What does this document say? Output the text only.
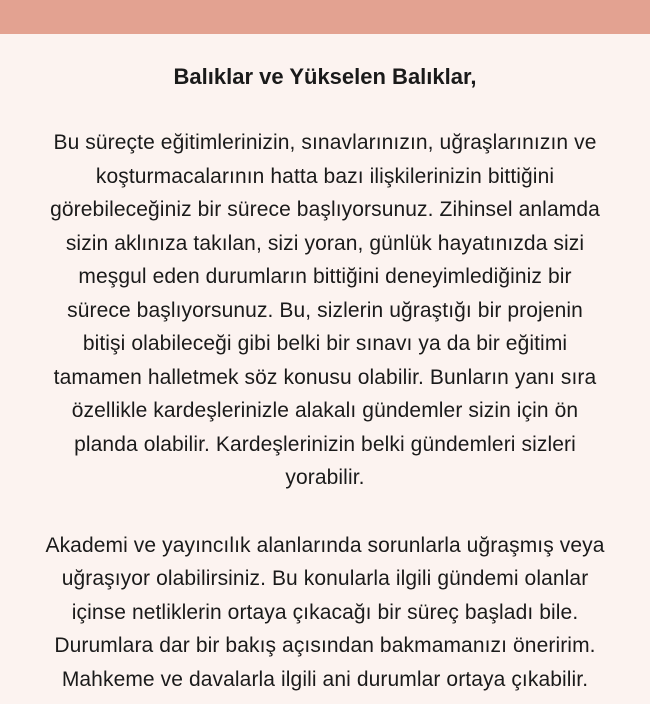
Balıklar ve Yükselen Balıklar,

Bu süreçte eğitimlerinizin, sınavlarınızın, uğraşlarınızın ve
koşturmacalarının hatta bazı ilişkilerinizin bittiğini
görebileceğiniz bir sürece başlıyorsunuz. Zihinsel anlamda
sizin aklınıza takılan, sizi yoran, günlük hayatınızda sizi
meşgul eden durumların bittiğini deneyimlediğiniz bir
sürece başlıyorsunuz. Bu, sizlerin uğraştığı bir projenin
bitişi olabileceği gibi belki bir sınavı ya da bir eğitimi
tamamen halletmek söz konusu olabilir. Bunların yanı sıra
özellikle kardeşlerinizle alakalı gündemler sizin için ön
planda olabilir. Kardeşlerinizin belki gündemleri sizleri
yorabilir.

Akademi ve yayıncılık alanlarında sorunlarla uğraşmış veya
uğraşıyor olabilirsiniz. Bu konularla ilgili gündemi olanlar
içinse netliklerin ortaya çıkacağı bir süreç başladı bile.
Durumlara dar bir bakış açısından bakmamanızı öneririm.
Mahkeme ve davalarla ilgili ani durumlar ortaya çıkabilir.
